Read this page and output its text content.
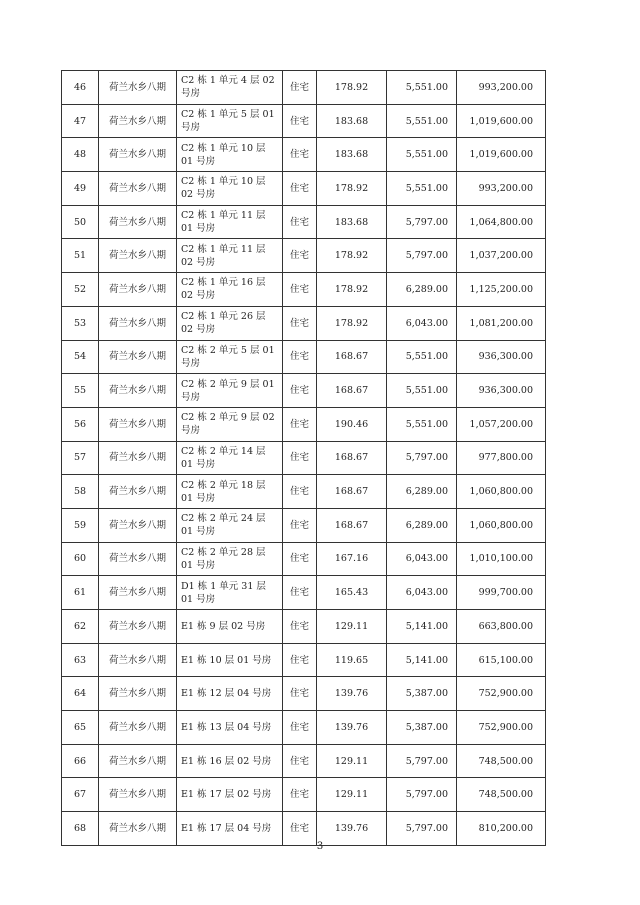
46	荷兰水乡八期	C2 栋 1 单元 4 层 02 号房	住宅	178.92	5,551.00	993,200.00
47	荷兰水乡八期	C2 栋 1 单元 5 层 01 号房	住宅	183.68	5,551.00	1,019,600.00
48	荷兰水乡八期	C2 栋 1 单元 10 层 01 号房	住宅	183.68	5,551.00	1,019,600.00
49	荷兰水乡八期	C2 栋 1 单元 10 层 02 号房	住宅	178.92	5,551.00	993,200.00
50	荷兰水乡八期	C2 栋 1 单元 11 层 01 号房	住宅	183.68	5,797.00	1,064,800.00
51	荷兰水乡八期	C2 栋 1 单元 11 层 02 号房	住宅	178.92	5,797.00	1,037,200.00
52	荷兰水乡八期	C2 栋 1 单元 16 层 02 号房	住宅	178.92	6,289.00	1,125,200.00
53	荷兰水乡八期	C2 栋 1 单元 26 层 02 号房	住宅	178.92	6,043.00	1,081,200.00
54	荷兰水乡八期	C2 栋 2 单元 5 层 01 号房	住宅	168.67	5,551.00	936,300.00
55	荷兰水乡八期	C2 栋 2 单元 9 层 01 号房	住宅	168.67	5,551.00	936,300.00
56	荷兰水乡八期	C2 栋 2 单元 9 层 02 号房	住宅	190.46	5,551.00	1,057,200.00
57	荷兰水乡八期	C2 栋 2 单元 14 层 01 号房	住宅	168.67	5,797.00	977,800.00
58	荷兰水乡八期	C2 栋 2 单元 18 层 01 号房	住宅	168.67	6,289.00	1,060,800.00
59	荷兰水乡八期	C2 栋 2 单元 24 层 01 号房	住宅	168.67	6,289.00	1,060,800.00
60	荷兰水乡八期	C2 栋 2 单元 28 层 01 号房	住宅	167.16	6,043.00	1,010,100.00
61	荷兰水乡八期	D1 栋 1 单元 31 层 01 号房	住宅	165.43	6,043.00	999,700.00
62	荷兰水乡八期	E1 栋 9 层 02 号房	住宅	129.11	5,141.00	663,800.00
63	荷兰水乡八期	E1 栋 10 层 01 号房	住宅	119.65	5,141.00	615,100.00
64	荷兰水乡八期	E1 栋 12 层 04 号房	住宅	139.76	5,387.00	752,900.00
65	荷兰水乡八期	E1 栋 13 层 04 号房	住宅	139.76	5,387.00	752,900.00
66	荷兰水乡八期	E1 栋 16 层 02 号房	住宅	129.11	5,797.00	748,500.00
67	荷兰水乡八期	E1 栋 17 层 02 号房	住宅	129.11	5,797.00	748,500.00
68	荷兰水乡八期	E1 栋 17 层 04 号房	住宅	139.76	5,797.00	810,200.00
3
